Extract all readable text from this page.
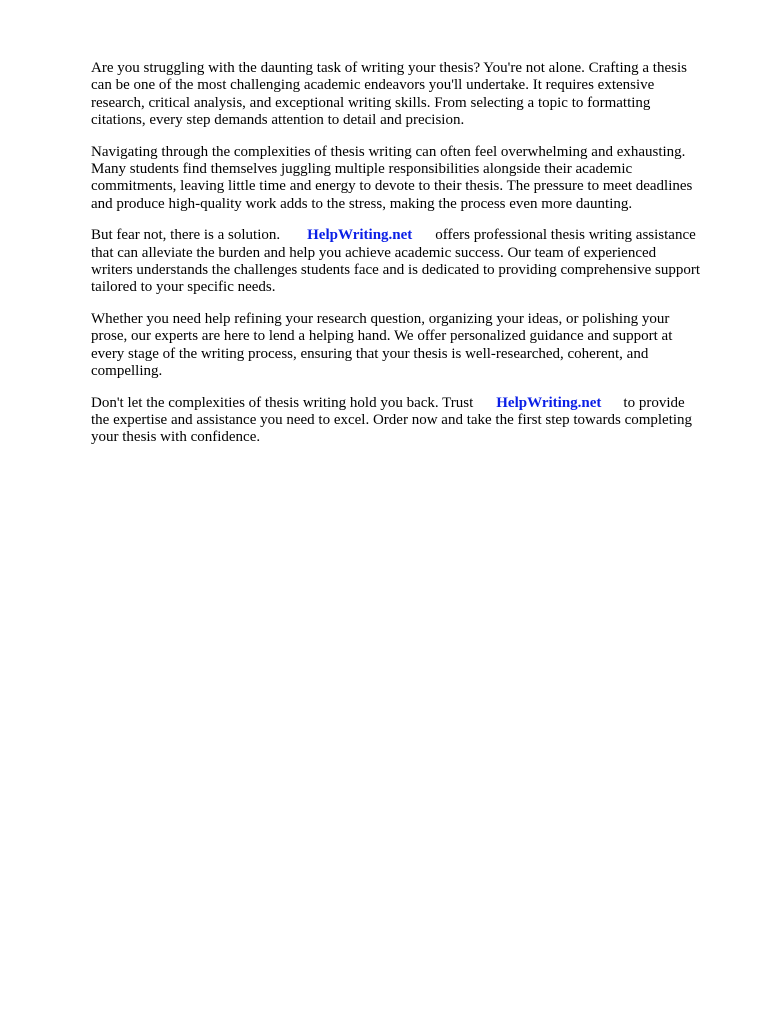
Are you struggling with the daunting task of writing your thesis? You're not alone. Crafting a thesis
can be one of the most challenging academic endeavors you'll undertake. It requires extensive
research, critical analysis, and exceptional writing skills. From selecting a topic to formatting
citations, every step demands attention to detail and precision.

Navigating through the complexities of thesis writing can often feel overwhelming and exhausting.
Many students find themselves juggling multiple responsibilities alongside their academic
commitments, leaving little time and energy to devote to their thesis. The pressure to meet deadlines
and produce high-quality work adds to the stress, making the process even more daunting.

But fear not, there is a solution. HelpWriting.net offers professional thesis writing assistance
that can alleviate the burden and help you achieve academic success. Our team of experienced
writers understands the challenges students face and is dedicated to providing comprehensive support
tailored to your specific needs.

Whether you need help refining your research question, organizing your ideas, or polishing your
prose, our experts are here to lend a helping hand. We offer personalized guidance and support at
every stage of the writing process, ensuring that your thesis is well-researched, coherent, and
compelling.

Don't let the complexities of thesis writing hold you back. Trust HelpWriting.net to provide
the expertise and assistance you need to excel. Order now and take the first step towards completing
your thesis with confidence.
